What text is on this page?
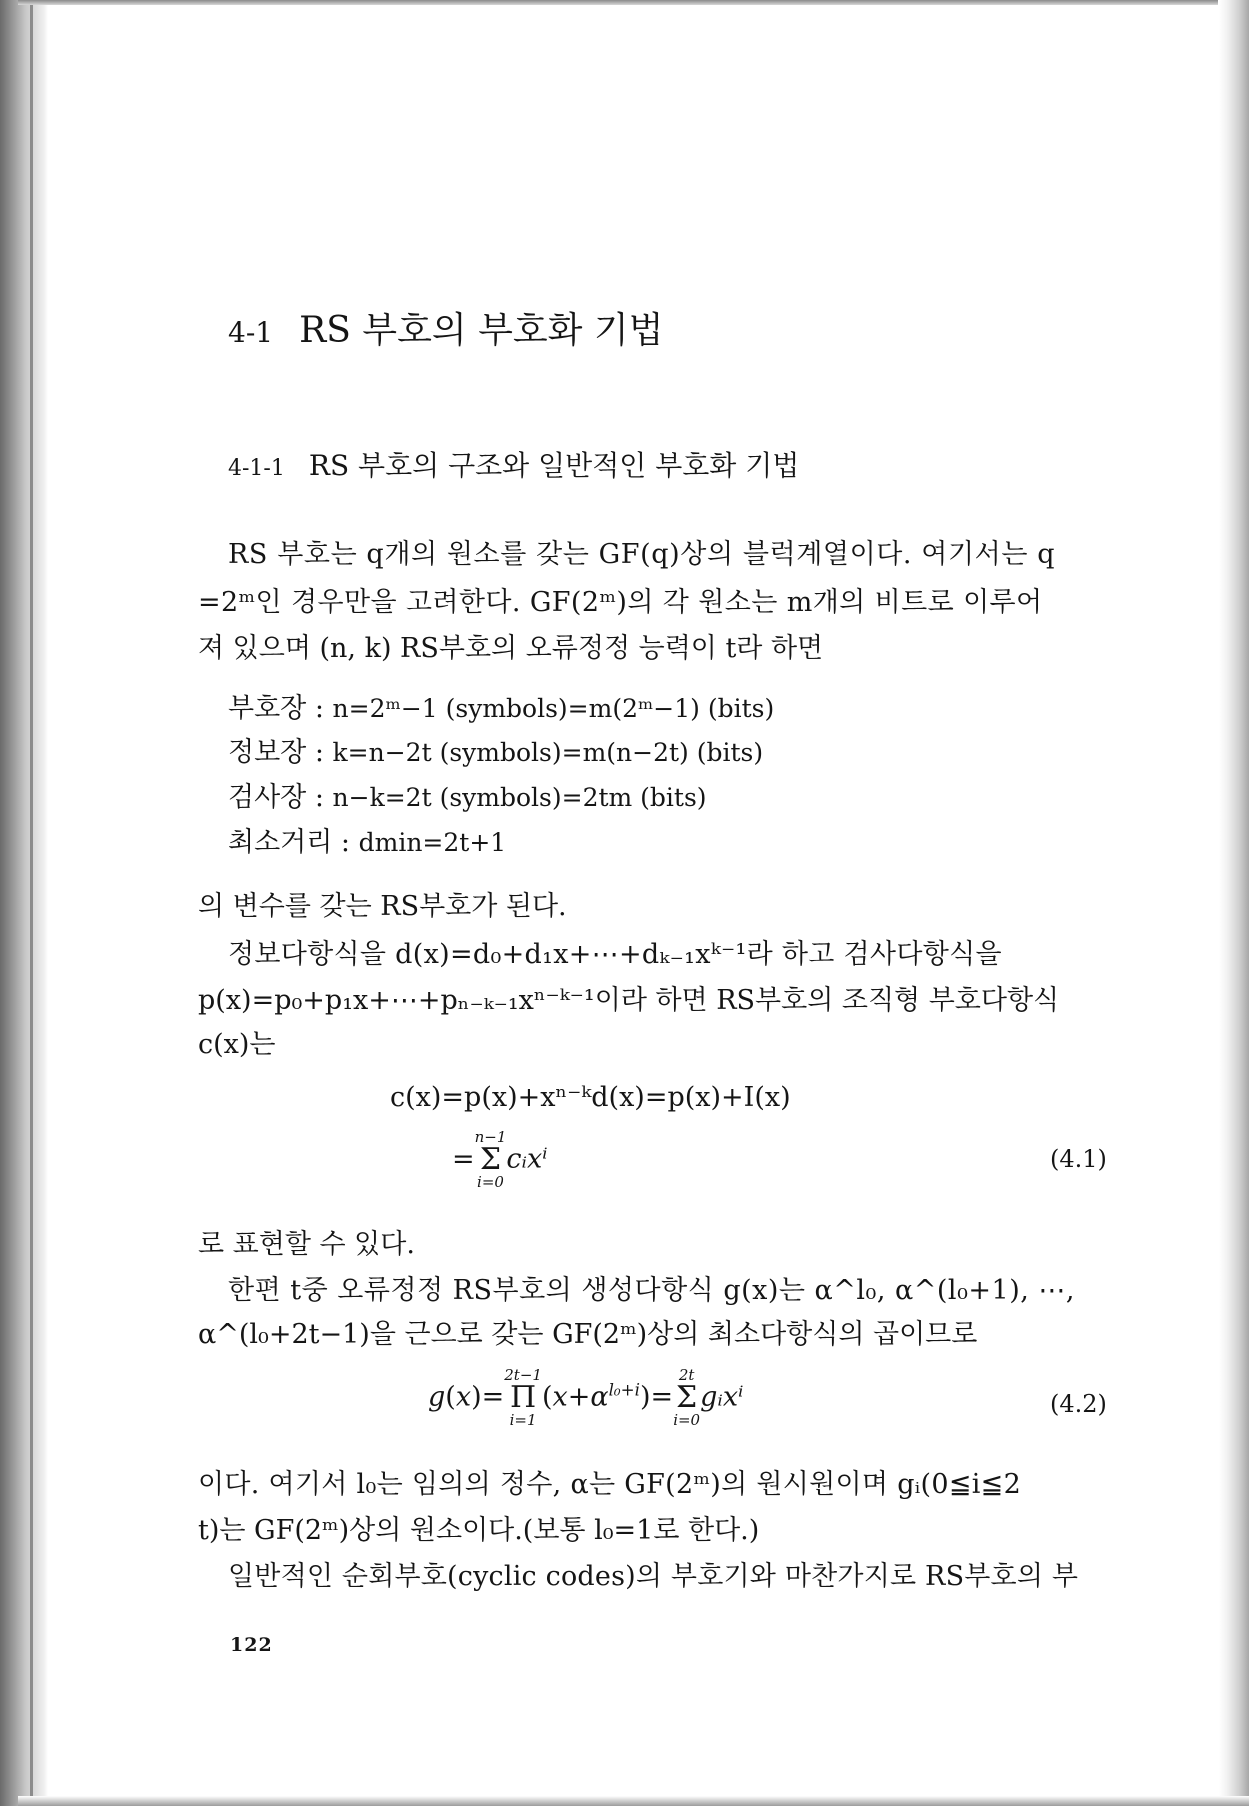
4-1 RS 부호의 부호화 기법
4-1-1 RS 부호의 구조와 일반적인 부호화 기법
RS 부호는 q개의 원소를 갖는 GF(q)상의 블럭계열이다. 여기서는 q
=2ᵐ인 경우만을 고려한다. GF(2ᵐ)의 각 원소는 m개의 비트로 이루어
져 있으며 (n, k) RS부호의 오류정정 능력이 t라 하면
부호장 : n=2ᵐ−1 (symbols)=m(2ᵐ−1) (bits)
정보장 : k=n−2t (symbols)=m(n−2t) (bits)
검사장 : n−k=2t (symbols)=2tm (bits)
최소거리 : dmin=2t+1
의 변수를 갖는 RS부호가 된다.
정보다항식을 d(x)=d₀+d₁x+⋯+dₖ₋₁xᵏ⁻¹라 하고 검사다항식을
p(x)=p₀+p₁x+⋯+pₙ₋ₖ₋₁xⁿ⁻ᵏ⁻¹이라 하면 RS부호의 조직형 부호다항식
c(x)는
c(x)=p(x)+xⁿ⁻ᵏd(x)=p(x)+I(x)
=
n−1
Σ
i=0
cᵢxⁱ	(4.1)
로 표현할 수 있다.
한편 t중 오류정정 RS부호의 생성다항식 g(x)는 α^l₀, α^(l₀+1), ⋯,
α^(l₀+2t−1)을 근으로 갖는 GF(2ᵐ)상의 최소다항식의 곱이므로
g(x)=
2t−1
Π
i=1
$(x+\alpha^{l_0+i})=$
2t
Σ
i=0
gᵢxⁱ	(4.2)
이다. 여기서 l₀는 임의의 정수, α는 GF(2ᵐ)의 원시원이며 gᵢ(0≦i≦2
t)는 GF(2ᵐ)상의 원소이다.(보통 l₀=1로 한다.)
일반적인 순회부호(cyclic codes)의 부호기와 마찬가지로 RS부호의 부
122
